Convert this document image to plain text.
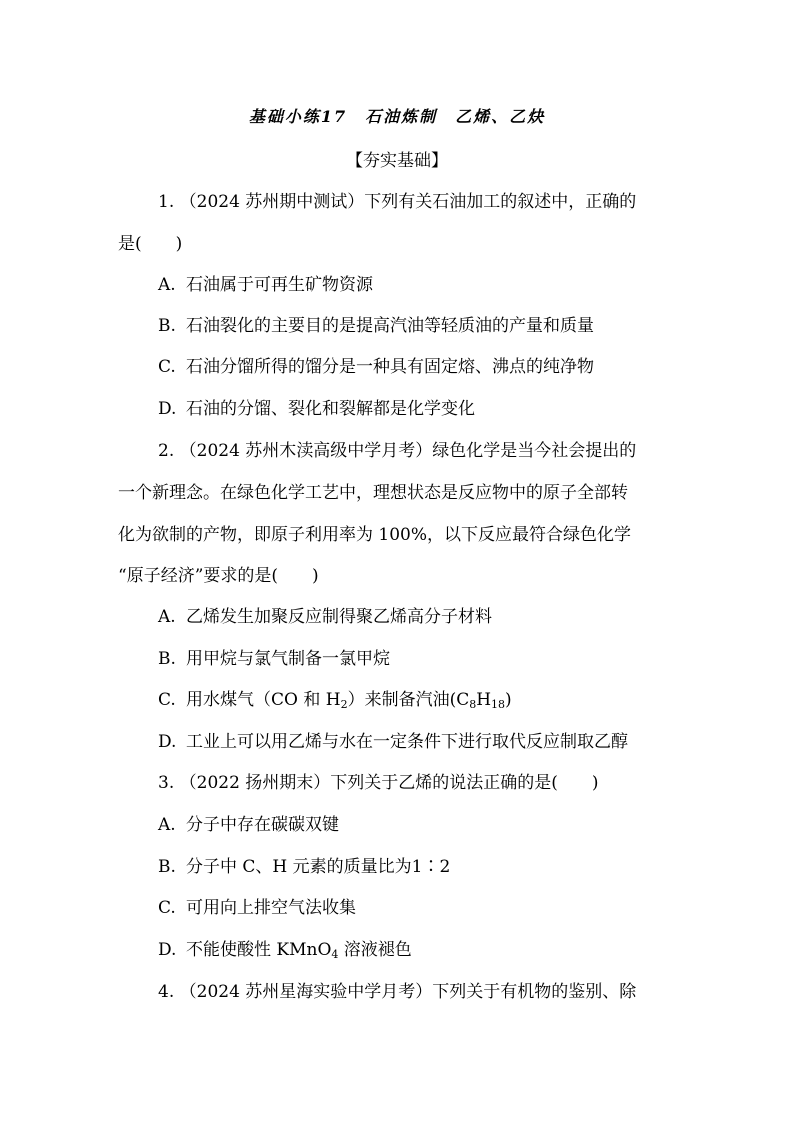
基础小练17　石油炼制　乙烯、乙炔
【夯实基础】
1. （2024 苏州期中测试）下列有关石油加工的叙述中，正确的
是(　　)
A. 石油属于可再生矿物资源
B. 石油裂化的主要目的是提高汽油等轻质油的产量和质量
C. 石油分馏所得的馏分是一种具有固定熔、沸点的纯净物
D. 石油的分馏、裂化和裂解都是化学变化
2. （2024 苏州木渎高级中学月考）绿色化学是当今社会提出的
一个新理念。在绿色化学工艺中，理想状态是反应物中的原子全部转
化为欲制的产物，即原子利用率为 100%，以下反应最符合绿色化学
“原子经济”要求的是(　　)
A. 乙烯发生加聚反应制得聚乙烯高分子材料
B. 用甲烷与氯气制备一氯甲烷
C. 用水煤气（CO 和 $H_2$）来制备汽油$(C_8H_{18})$
D. 工业上可以用乙烯与水在一定条件下进行取代反应制取乙醇
3. （2022 扬州期末）下列关于乙烯的说法正确的是(　　)
A. 分子中存在碳碳双键
B. 分子中 C、H 元素的质量比为1∶2
C. 可用向上排空气法收集
D. 不能使酸性 KMnO$_4$ 溶液褪色
4. （2024 苏州星海实验中学月考）下列关于有机物的鉴别、除
